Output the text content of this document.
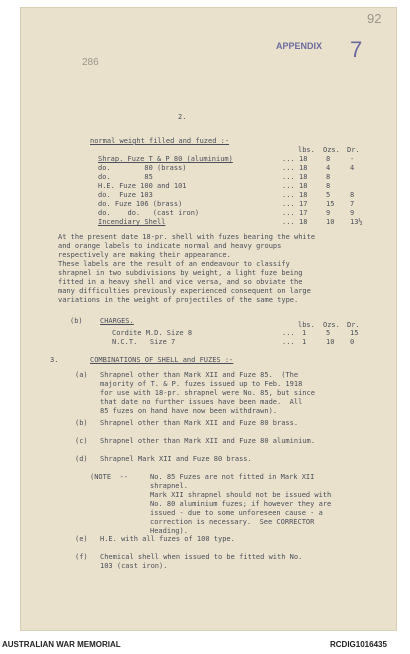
92
APPENDIX 7
286
2.
normal weight filled and fuzed :-
lbs. Ozs. Dr.
Shrap. Fuze T & P 80 (aluminium)	... 18	8	-
do.        80 (brass)	... 18	4	4
do.        85	... 18	8
H.E. Fuze 100 and 101	... 18	8
do.  Fuze 103	... 18	5	8
do. Fuze 106 (brass)	... 17	15 7
do.    do.   (cast iron)	... 17	9	9
Incendiary Shell	... 18	10 13½
At the present date 18-pr. shell with fuzes bearing the white
and orange labels to indicate normal and heavy groups
respectively are making their appearance.
These labels are the result of an endeavour to classify
shrapnel in two subdivisions by weight, a light fuze being
fitted in a heavy shell and vice versa, and so obviate the
many difficulties previously experienced consequent on large
variations in the weight of projectiles of the same type.
(b) CHARGES.	lbs. Ozs. Dr.
Cordite M.D. Size 8	... 1	5	15
N.C.T.   Size 7	... 1	10 0
3.	COMBINATIONS OF SHELL and FUZES :-
(a) Shrapnel other than Mark XII and Fuze 85.  (The
majority of T. & P. fuzes issued up to Feb. 1918
for use with 18-pr. shrapnel were No. 85, but since
that date no further issues have been made.  All
85 fuzes on hand have now been withdrawn).
(b) Shrapnel other than Mark XII and Fuze 80 brass.
(c) Shrapnel other than Mark XII and Fuze 80 aluminium.
(d) Shrapnel Mark XII and Fuze 80 brass.
(NOTE  --	No. 85 Fuzes are not fitted in Mark XII
shrapnel.
Mark XII shrapnel should not be issued with
No. 80 aluminium fuzes; if however they are
issued - due to some unforeseen cause - a
correction is necessary.  See CORRECTOR
Heading).
(e) H.E. with all fuzes of 100 type.
(f) Chemical shell when issued to be fitted with No.
103 (cast iron).
AUSTRALIAN WAR MEMORIAL	RCDIG1016435
